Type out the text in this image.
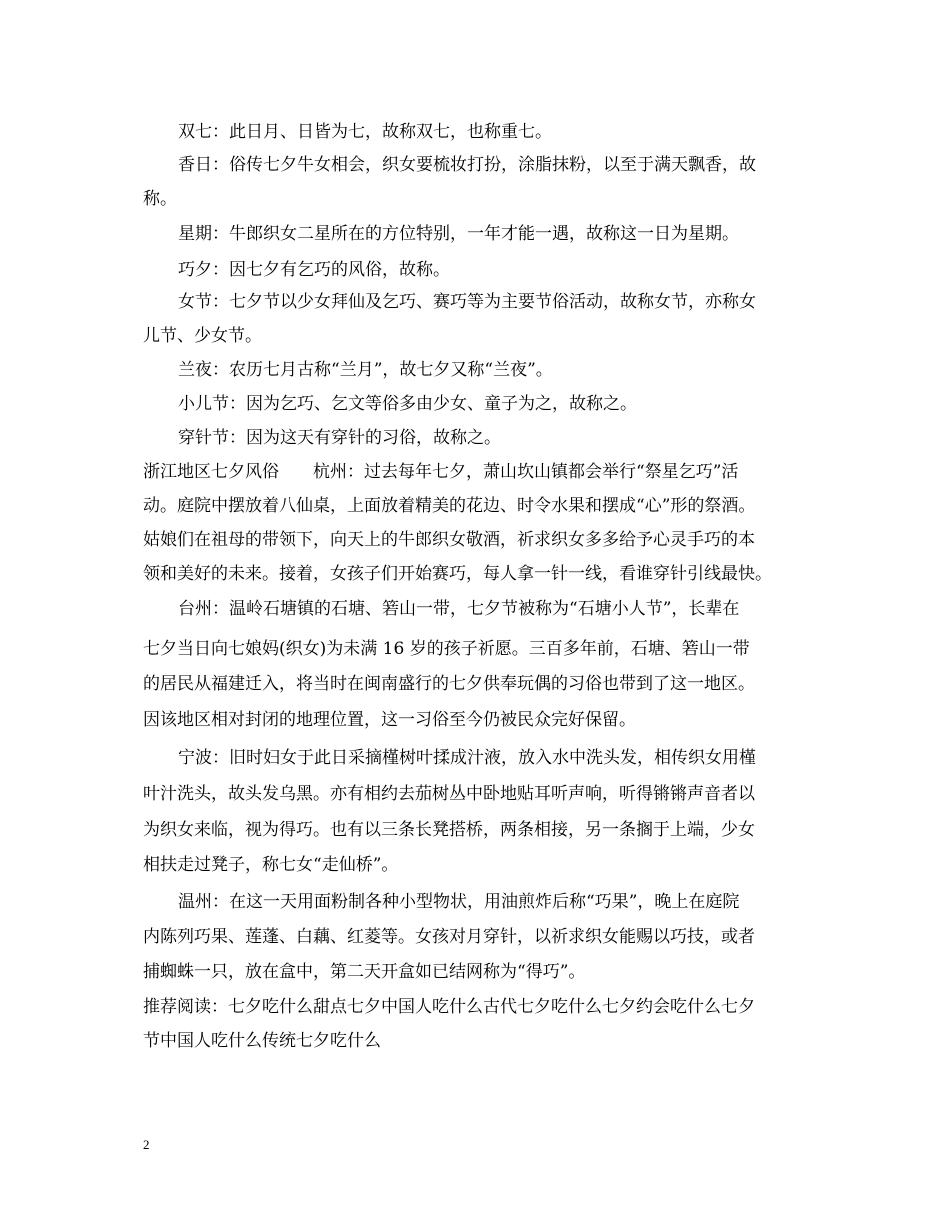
双七：此日月、日皆为七，故称双七，也称重七。
香日：俗传七夕牛女相会，织女要梳妆打扮，涂脂抹粉，以至于满天飘香，故
称。
星期：牛郎织女二星所在的方位特别，一年才能一遇，故称这一日为星期。
巧夕：因七夕有乞巧的风俗，故称。
女节：七夕节以少女拜仙及乞巧、赛巧等为主要节俗活动，故称女节，亦称女
儿节、少女节。
兰夜：农历七月古称“兰月”，故七夕又称“兰夜”。
小儿节：因为乞巧、乞文等俗多由少女、童子为之，故称之。
穿针节：因为这天有穿针的习俗，故称之。
浙江地区七夕风俗　　杭州：过去每年七夕，萧山坎山镇都会举行“祭星乞巧”活
动。庭院中摆放着八仙桌，上面放着精美的花边、时令水果和摆成“心”形的祭酒。
姑娘们在祖母的带领下，向天上的牛郎织女敬酒，祈求织女多多给予心灵手巧的本
领和美好的未来。接着，女孩子们开始赛巧，每人拿一针一线，看谁穿针引线最快。
台州：温岭石塘镇的石塘、箬山一带，七夕节被称为“石塘小人节”，长辈在
七夕当日向七娘妈(织女)为未满 16 岁的孩子祈愿。三百多年前，石塘、箬山一带
的居民从福建迁入，将当时在闽南盛行的七夕供奉玩偶的习俗也带到了这一地区。
因该地区相对封闭的地理位置，这一习俗至今仍被民众完好保留。
宁波：旧时妇女于此日采摘槿树叶揉成汁液，放入水中洗头发，相传织女用槿
叶汁洗头，故头发乌黑。亦有相约去茄树丛中卧地贴耳听声响，听得锵锵声音者以
为织女来临，视为得巧。也有以三条长凳搭桥，两条相接，另一条搁于上端，少女
相扶走过凳子，称七女“走仙桥”。
温州：在这一天用面粉制各种小型物状，用油煎炸后称“巧果”，晚上在庭院
内陈列巧果、莲蓬、白藕、红菱等。女孩对月穿针，以祈求织女能赐以巧技，或者
捕蜘蛛一只，放在盒中，第二天开盒如已结网称为“得巧”。
推荐阅读：七夕吃什么甜点七夕中国人吃什么古代七夕吃什么七夕约会吃什么七夕
节中国人吃什么传统七夕吃什么
2
